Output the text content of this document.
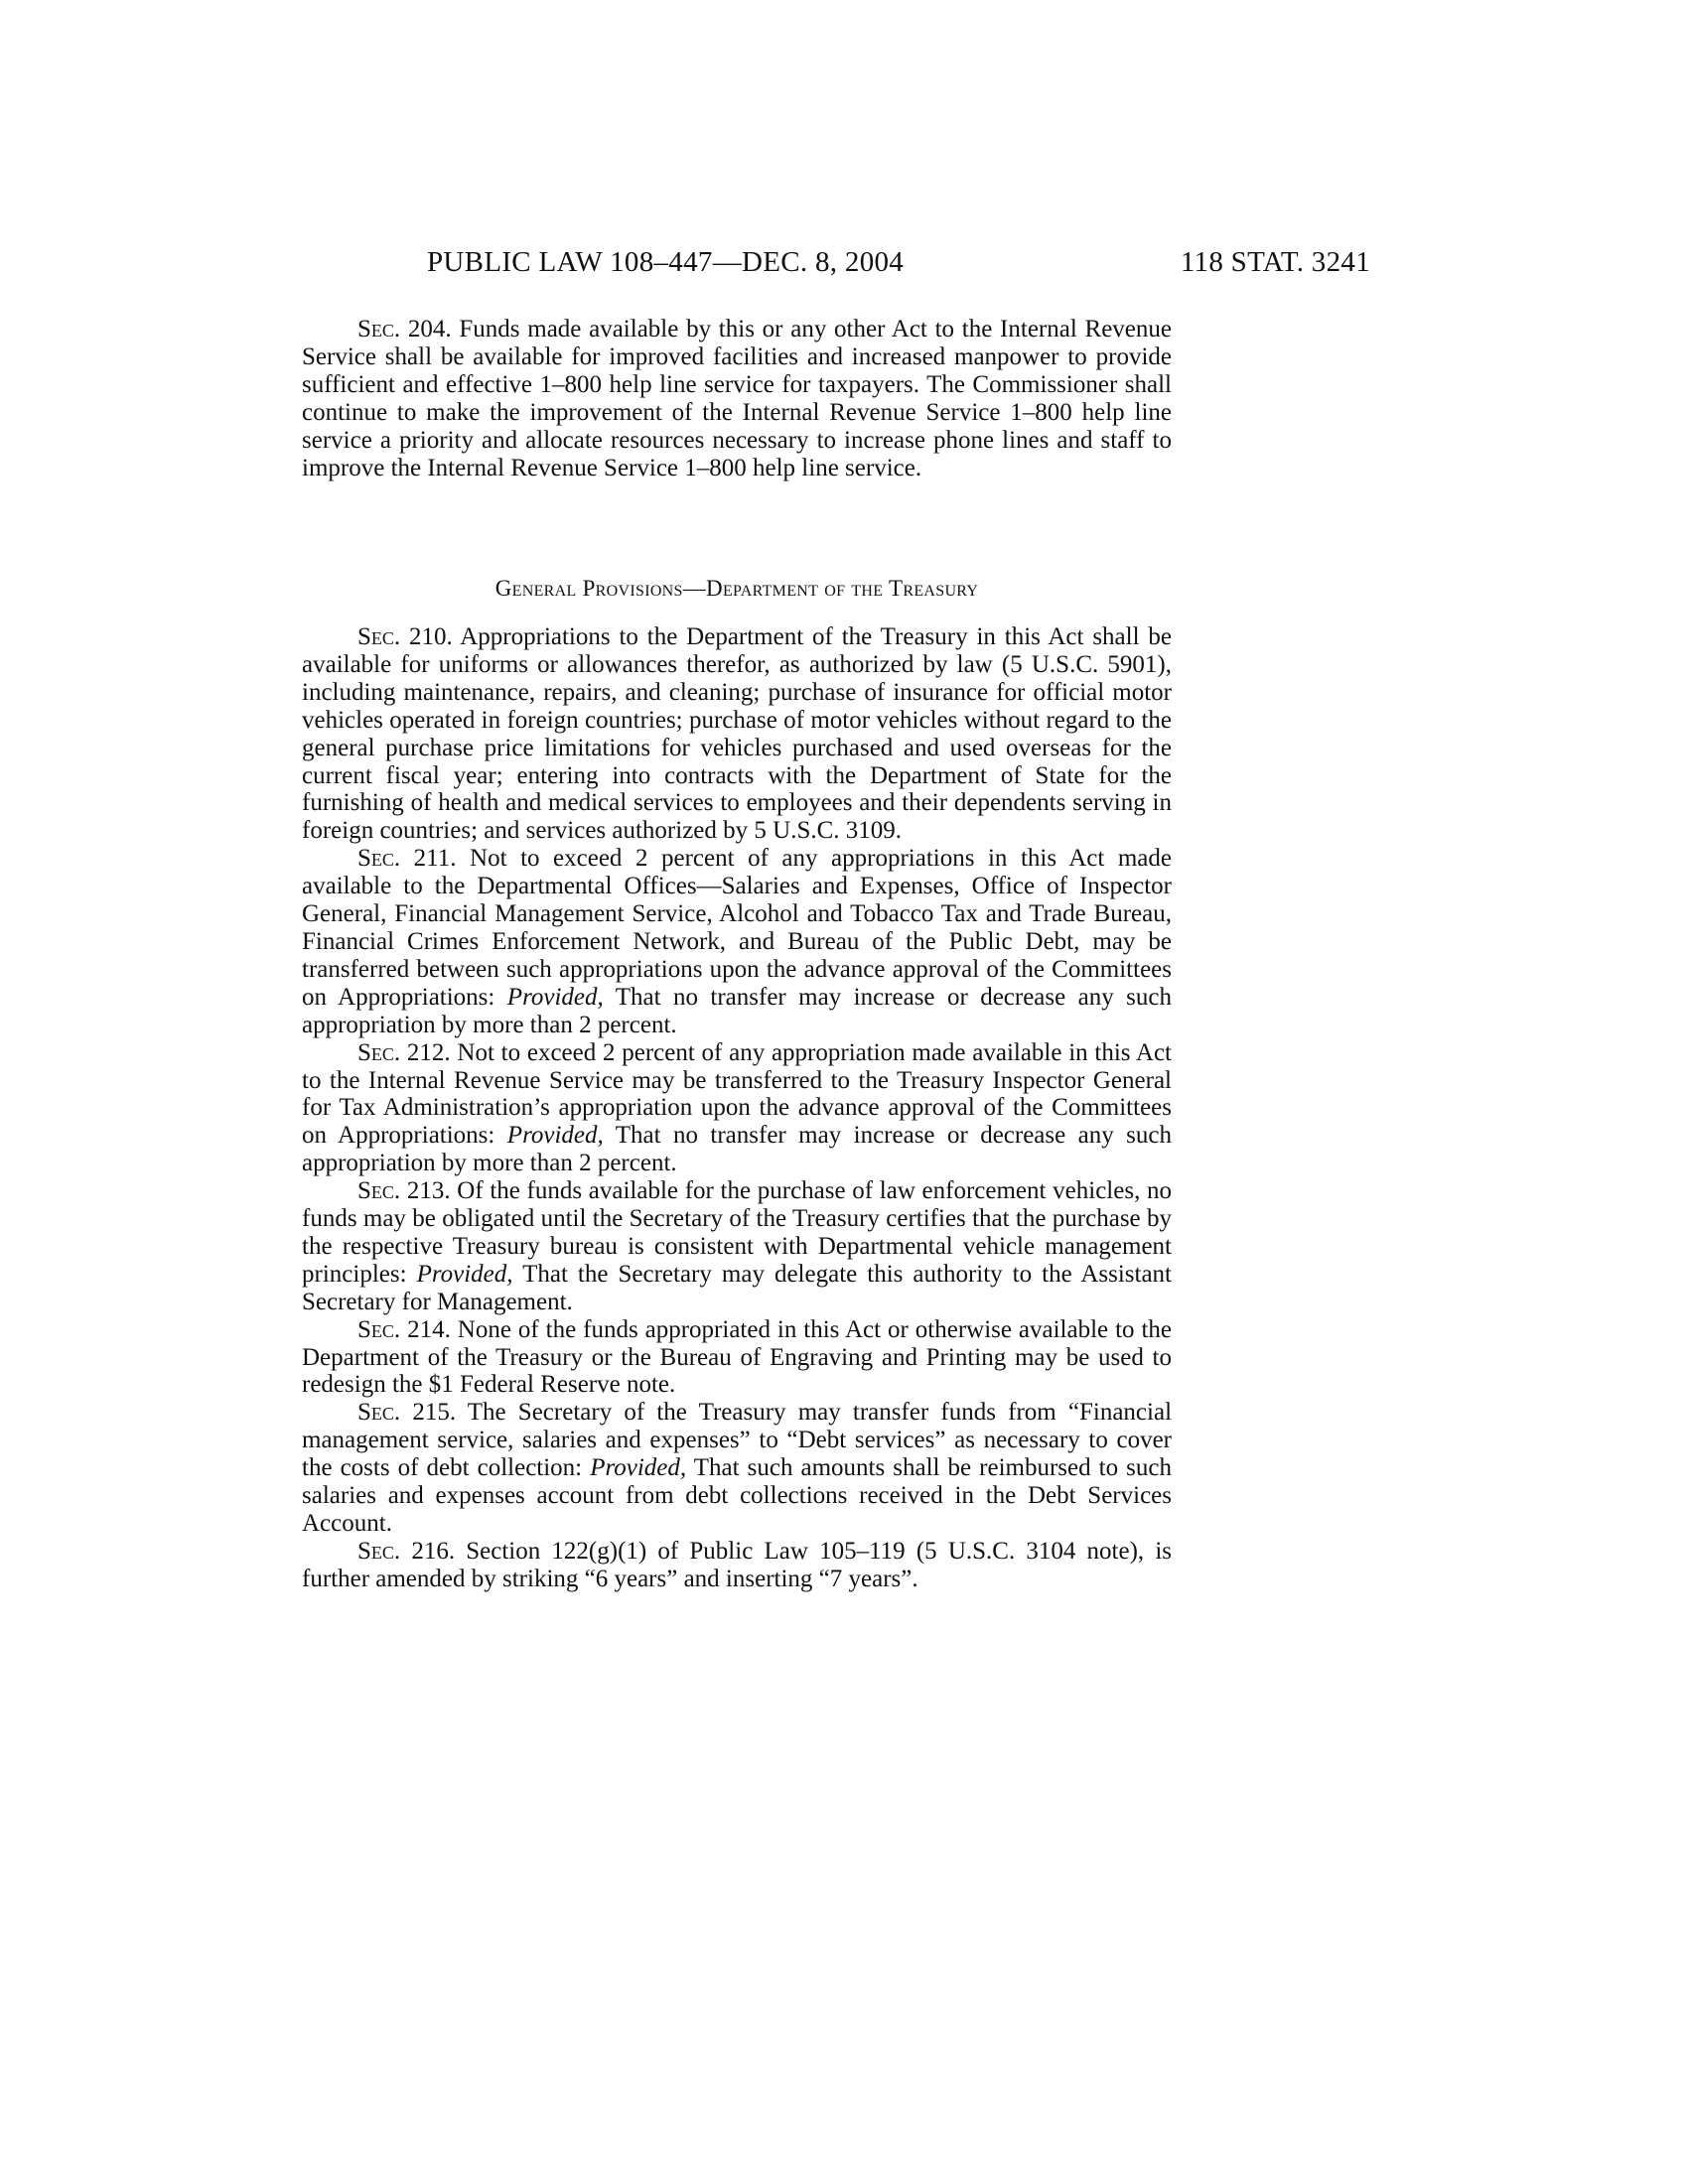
PUBLIC LAW 108–447—DEC. 8, 2004	118 STAT. 3241

Sec. 204. Funds made available by this or any other Act to the Internal Revenue Service shall be available for improved facilities and increased manpower to provide sufficient and effective 1–800 help line service for taxpayers. The Commissioner shall continue to make the improvement of the Internal Revenue Service 1–800 help line service a priority and allocate resources necessary to increase phone lines and staff to improve the Internal Revenue Service 1–800 help line service.

General Provisions—Department of the Treasury

Sec. 210. Appropriations to the Department of the Treasury in this Act shall be available for uniforms or allowances therefor, as authorized by law (5 U.S.C. 5901), including maintenance, repairs, and cleaning; purchase of insurance for official motor vehicles operated in foreign countries; purchase of motor vehicles without regard to the general purchase price limitations for vehicles purchased and used overseas for the current fiscal year; entering into contracts with the Department of State for the furnishing of health and medical services to employees and their dependents serving in foreign countries; and services authorized by 5 U.S.C. 3109.

Sec. 211. Not to exceed 2 percent of any appropriations in this Act made available to the Departmental Offices—Salaries and Expenses, Office of Inspector General, Financial Management Service, Alcohol and Tobacco Tax and Trade Bureau, Financial Crimes Enforcement Network, and Bureau of the Public Debt, may be transferred between such appropriations upon the advance approval of the Committees on Appropriations: Provided, That no transfer may increase or decrease any such appropriation by more than 2 percent.

Sec. 212. Not to exceed 2 percent of any appropriation made available in this Act to the Internal Revenue Service may be transferred to the Treasury Inspector General for Tax Administration’s appropriation upon the advance approval of the Committees on Appropriations: Provided, That no transfer may increase or decrease any such appropriation by more than 2 percent.

Sec. 213. Of the funds available for the purchase of law enforcement vehicles, no funds may be obligated until the Secretary of the Treasury certifies that the purchase by the respective Treasury bureau is consistent with Departmental vehicle management principles: Provided, That the Secretary may delegate this authority to the Assistant Secretary for Management.

Sec. 214. None of the funds appropriated in this Act or otherwise available to the Department of the Treasury or the Bureau of Engraving and Printing may be used to redesign the $1 Federal Reserve note.

Sec. 215. The Secretary of the Treasury may transfer funds from “Financial management service, salaries and expenses” to “Debt services” as necessary to cover the costs of debt collection: Provided, That such amounts shall be reimbursed to such salaries and expenses account from debt collections received in the Debt Services Account.

Sec. 216. Section 122(g)(1) of Public Law 105–119 (5 U.S.C. 3104 note), is further amended by striking “6 years” and inserting “7 years”.
